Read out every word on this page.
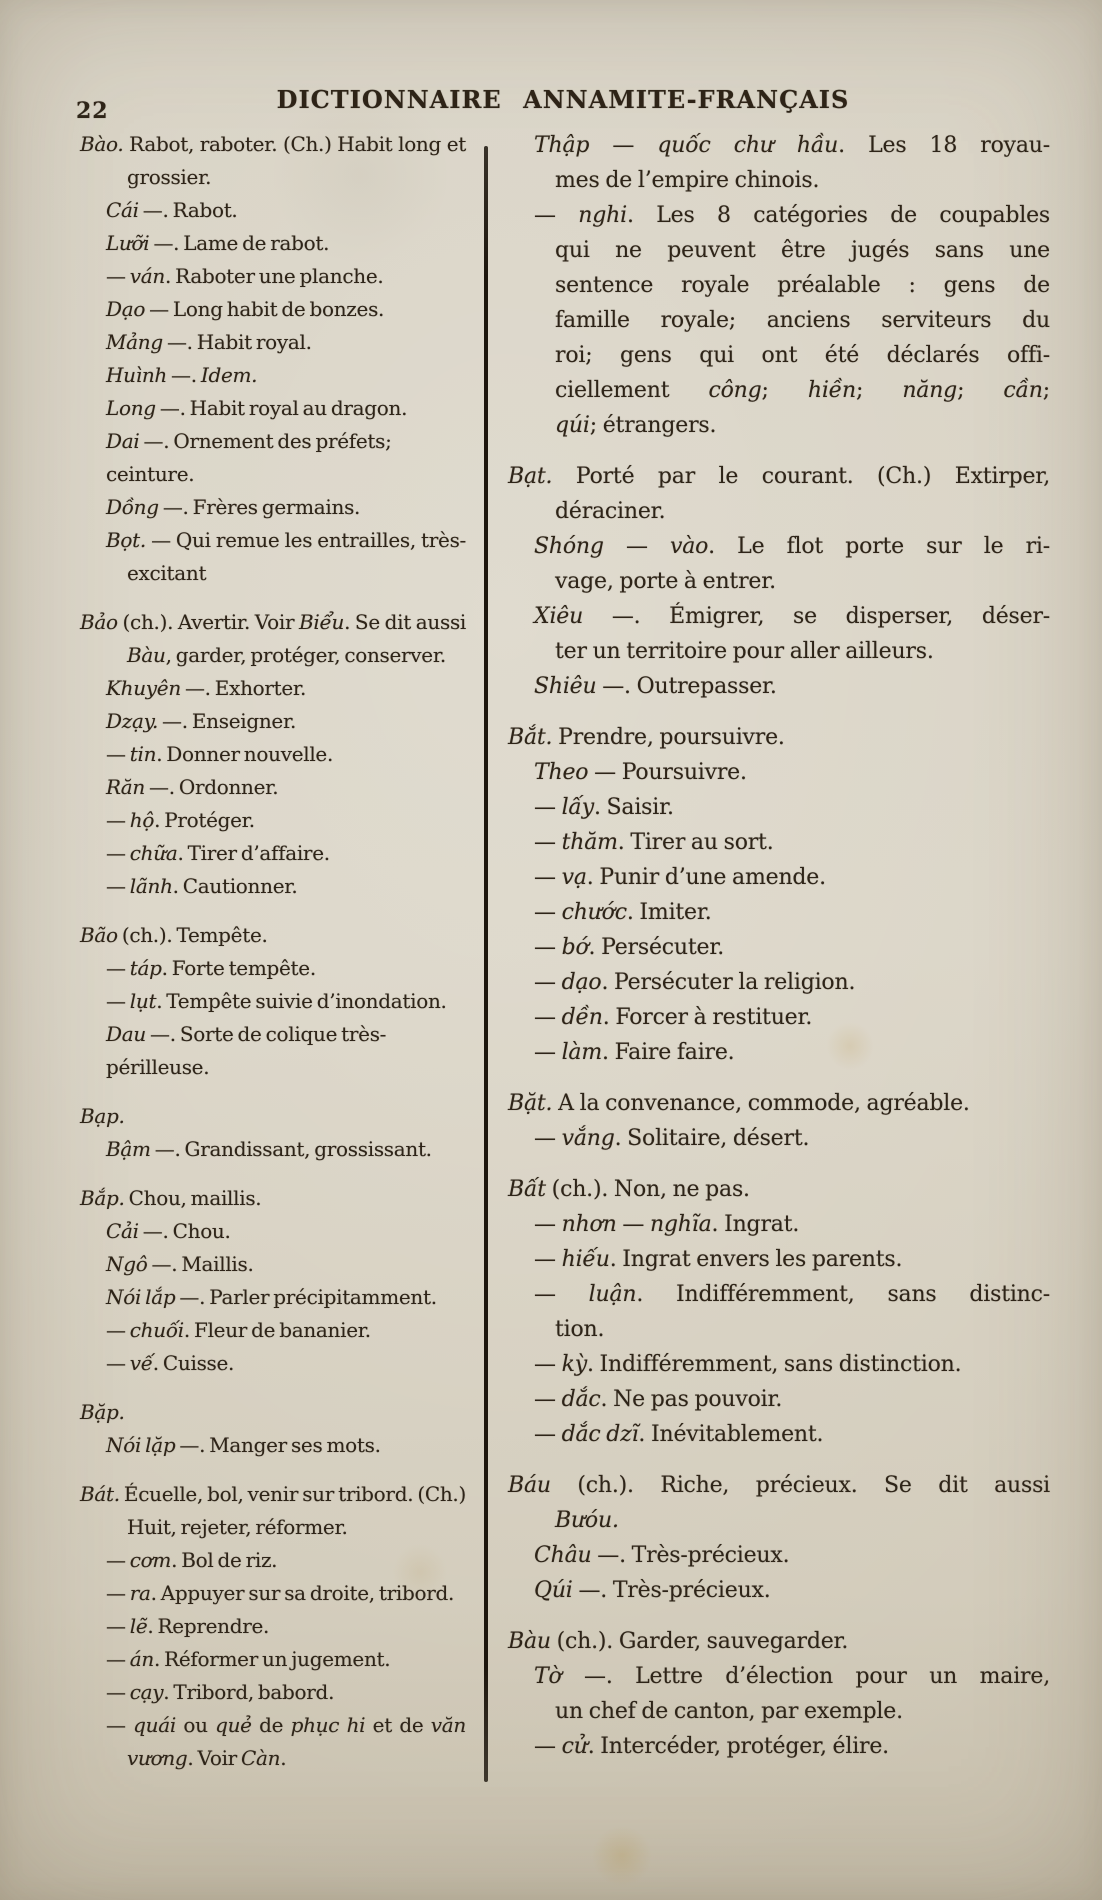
22	DICTIONNAIRE ANNAMITE-FRANÇAIS
Bào. Rabot, raboter. (Ch.) Habit long et
grossier.
Cái —. Rabot.
Lưỡi —. Lame de rabot.
— ván. Raboter une planche.
Dạo — Long habit de bonzes.
Mảng —. Habit royal.
Huình —. Idem.
Long —. Habit royal au dragon.
Dai —. Ornement des préfets; ceinture.
Dồng —. Frères germains.
Bọt. — Qui remue les entrailles, très-
excitant
Bảo (ch.). Avertir. Voir Biểu. Se dit aussi
Bàu, garder, protéger, conserver.
Khuyên —. Exhorter.
Dzạy. —. Enseigner.
— tin. Donner nouvelle.
Răn —. Ordonner.
— hộ. Protéger.
— chữa. Tirer d’affaire.
— lãnh. Cautionner.
Bão (ch.). Tempête.
— táp. Forte tempête.
— lụt. Tempête suivie d’inondation.
Dau —. Sorte de colique très-périlleuse.
Bạp.
Bậm —. Grandissant, grossissant.
Bắp. Chou, maillis.
Cải —. Chou.
Ngô —. Maillis.
Nói lắp —. Parler précipitamment.
— chuối. Fleur de bananier.
— vế. Cuisse.
Bặp.
Nói lặp —. Manger ses mots.
Bát. Écuelle, bol, venir sur tribord. (Ch.)
Huit, rejeter, réformer.
— cơm. Bol de riz.
— ra. Appuyer sur sa droite, tribord.
— lẽ. Reprendre.
— án. Réformer un jugement.
— cạy. Tribord, babord.
— quái ou quẻ de phục hi et de văn
vương. Voir Càn.
Thập — quốc chư hầu. Les 18 royau-
mes de l’empire chinois.
— nghi. Les 8 catégories de coupables
qui ne peuvent être jugés sans une
sentence royale préalable : gens de
famille royale; anciens serviteurs du
roi; gens qui ont été déclarés offi-
ciellement công; hiền; năng; cần;
qúi; étrangers.
Bạt. Porté par le courant. (Ch.) Extirper,
déraciner.
Shóng — vào. Le flot porte sur le ri-
vage, porte à entrer.
Xiêu —. Émigrer, se disperser, déser-
ter un territoire pour aller ailleurs.
Shiêu —. Outrepasser.
Bắt. Prendre, poursuivre.
Theo — Poursuivre.
— lấy. Saisir.
— thăm. Tirer au sort.
— vạ. Punir d’une amende.
— chước. Imiter.
— bớ. Persécuter.
— dạo. Persécuter la religion.
— dền. Forcer à restituer.
— làm. Faire faire.
Bặt. A la convenance, commode, agréable.
— vắng. Solitaire, désert.
Bất (ch.). Non, ne pas.
— nhơn — nghĩa. Ingrat.
— hiếu. Ingrat envers les parents.
— luận. Indifféremment, sans distinc-
tion.
— kỳ. Indifféremment, sans distinction.
— dắc. Ne pas pouvoir.
— dắc dzĩ. Inévitablement.
Báu (ch.). Riche, précieux. Se dit aussi
Bưóu.
Châu —. Très-précieux.
Qúi —. Très-précieux.
Bàu (ch.). Garder, sauvegarder.
Tờ —. Lettre d’élection pour un maire,
un chef de canton, par exemple.
— cử. Intercéder, protéger, élire.
